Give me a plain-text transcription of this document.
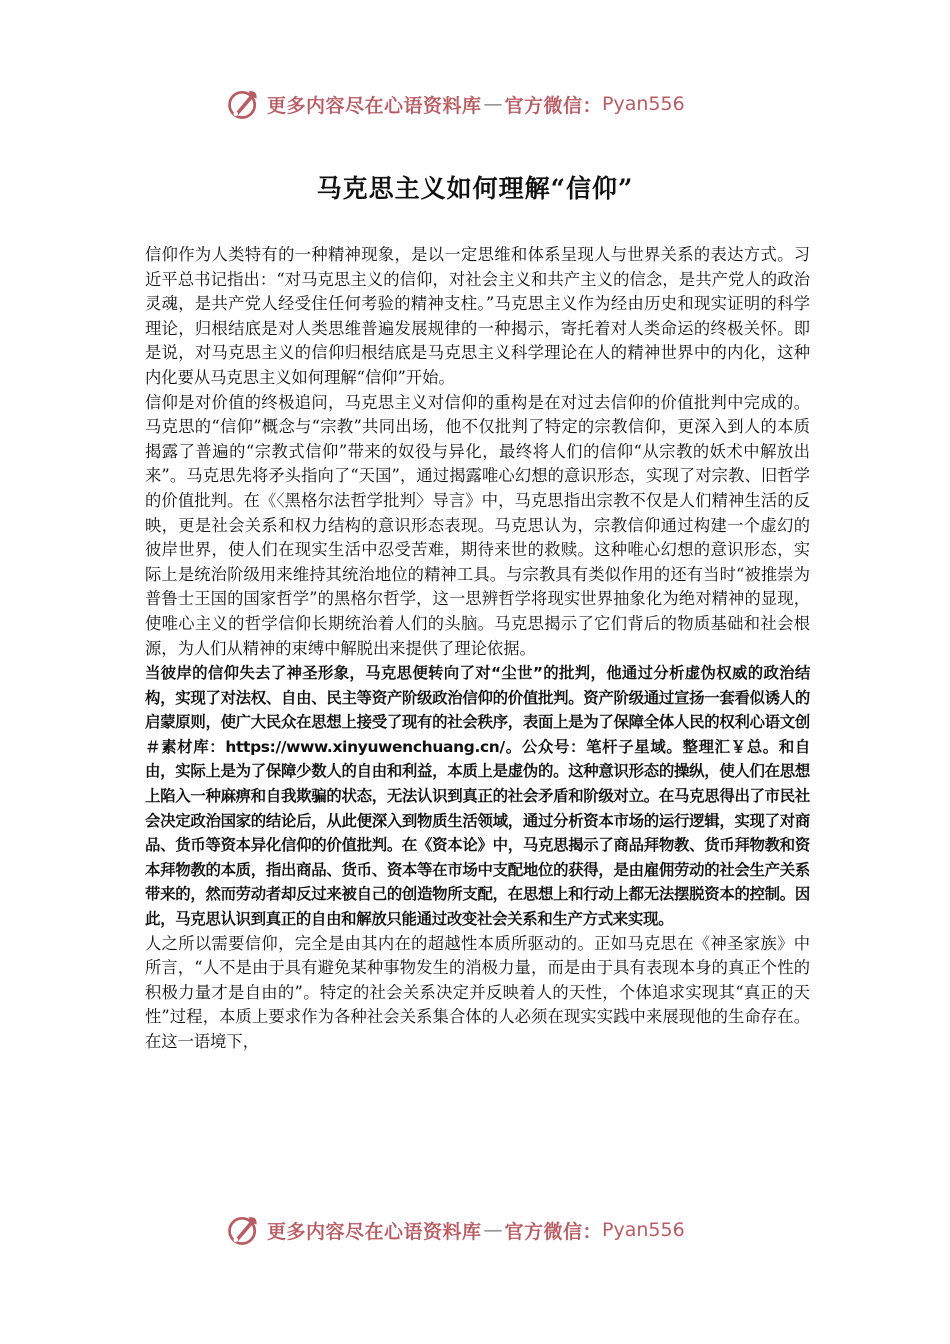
更多内容尽在心语资料库 — 官方微信： Pyan556
马克思主义如何理解“信仰”

信仰作为人类特有的一种精神现象，是以一定思维和体系呈现人与世界关系的表达方式。习近平总书记指出：“对马克思主义的信仰，对社会主义和共产主义的信念，是共产党人的政治灵魂，是共产党人经受住任何考验的精神支柱。”马克思主义作为经由历史和现实证明的科学理论，归根结底是对人类思维普遍发展规律的一种揭示，寄托着对人类命运的终极关怀。即是说，对马克思主义的信仰归根结底是马克思主义科学理论在人的精神世界中的内化，这种内化要从马克思主义如何理解“信仰”开始。

信仰是对价值的终极追问，马克思主义对信仰的重构是在对过去信仰的价值批判中完成的。马克思的“信仰”概念与“宗教”共同出场，他不仅批判了特定的宗教信仰，更深入到人的本质揭露了普遍的“宗教式信仰”带来的奴役与异化，最终将人们的信仰“从宗教的妖术中解放出来”。马克思先将矛头指向了“天国”，通过揭露唯心幻想的意识形态，实现了对宗教、旧哲学的价值批判。在《〈黑格尔法哲学批判〉导言》中，马克思指出宗教不仅是人们精神生活的反映，更是社会关系和权力结构的意识形态表现。马克思认为，宗教信仰通过构建一个虚幻的彼岸世界，使人们在现实生活中忍受苦难，期待来世的救赎。这种唯心幻想的意识形态，实际上是统治阶级用来维持其统治地位的精神工具。与宗教具有类似作用的还有当时“被推崇为普鲁士王国的国家哲学”的黑格尔哲学，这一思辨哲学将现实世界抽象化为绝对精神的显现，使唯心主义的哲学信仰长期统治着人们的头脑。马克思揭示了它们背后的物质基础和社会根源，为人们从精神的束缚中解脱出来提供了理论依据。

当彼岸的信仰失去了神圣形象，马克思便转向了对“尘世”的批判，他通过分析虚伪权威的政治结构，实现了对法权、自由、民主等资产阶级政治信仰的价值批判。资产阶级通过宣扬一套看似诱人的启蒙原则，使广大民众在思想上接受了现有的社会秩序，表面上是为了保障全体人民的权利心语文创＃素材库：https://www.xinyuwenchuang.cn/。公众号：笔杆子星域。整理汇￥总。和自由，实际上是为了保障少数人的自由和利益，本质上是虚伪的。这种意识形态的操纵，使人们在思想上陷入一种麻痹和自我欺骗的状态，无法认识到真正的社会矛盾和阶级对立。在马克思得出了市民社会决定政治国家的结论后，从此便深入到物质生活领域，通过分析资本市场的运行逻辑，实现了对商品、货币等资本异化信仰的价值批判。在《资本论》中，马克思揭示了商品拜物教、货币拜物教和资本拜物教的本质，指出商品、货币、资本等在市场中支配地位的获得，是由雇佣劳动的社会生产关系带来的，然而劳动者却反过来被自己的创造物所支配，在思想上和行动上都无法摆脱资本的控制。因此，马克思认识到真正的自由和解放只能通过改变社会关系和生产方式来实现。

人之所以需要信仰，完全是由其内在的超越性本质所驱动的。正如马克思在《神圣家族》中所言，“人不是由于具有避免某种事物发生的消极力量，而是由于具有表现本身的真正个性的积极力量才是自由的”。特定的社会关系决定并反映着人的天性，个体追求实现其“真正的天性”过程，本质上要求作为各种社会关系集合体的人必须在现实实践中来展现他的生命存在。在这一语境下，

更多内容尽在心语资料库 — 官方微信： Pyan556
